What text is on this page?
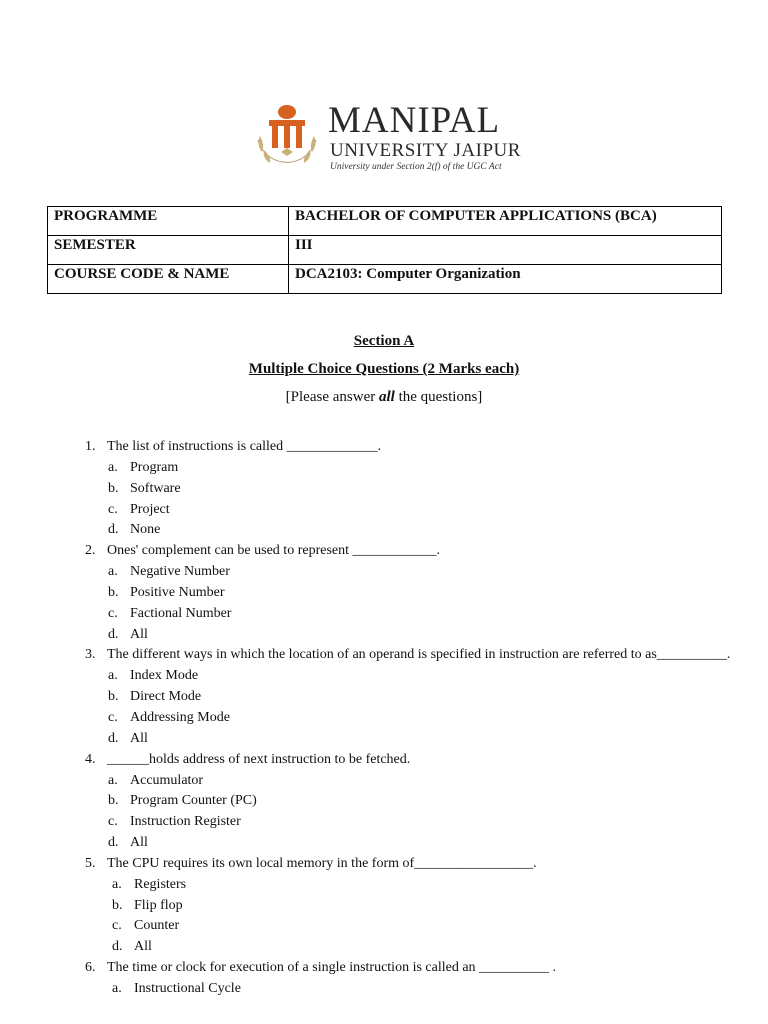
MANIPAL
UNIVERSITY JAIPUR
University under Section 2(f) of the UGC Act
PROGRAMME	BACHELOR OF COMPUTER APPLICATIONS (BCA)
SEMESTER	III
COURSE CODE & NAME	DCA2103: Computer Organization
Section A
Multiple Choice Questions (2 Marks each)
[Please answer all the questions]
1. The list of instructions is called _____________.
a. Program
b. Software
c. Project
d. None
2. Ones' complement can be used to represent ____________.
a. Negative Number
b. Positive Number
c. Factional Number
d. All
3. The different ways in which the location of an operand is specified in instruction are referred to as__________.
a. Index Mode
b. Direct Mode
c. Addressing Mode
d. All
4. ______holds address of next instruction to be fetched.
a. Accumulator
b. Program Counter (PC)
c. Instruction Register
d. All
5. The CPU requires its own local memory in the form of_________________.
a. Registers
b. Flip flop
c. Counter
d. All
6. The time or clock for execution of a single instruction is called an __________ .
a. Instructional Cycle
